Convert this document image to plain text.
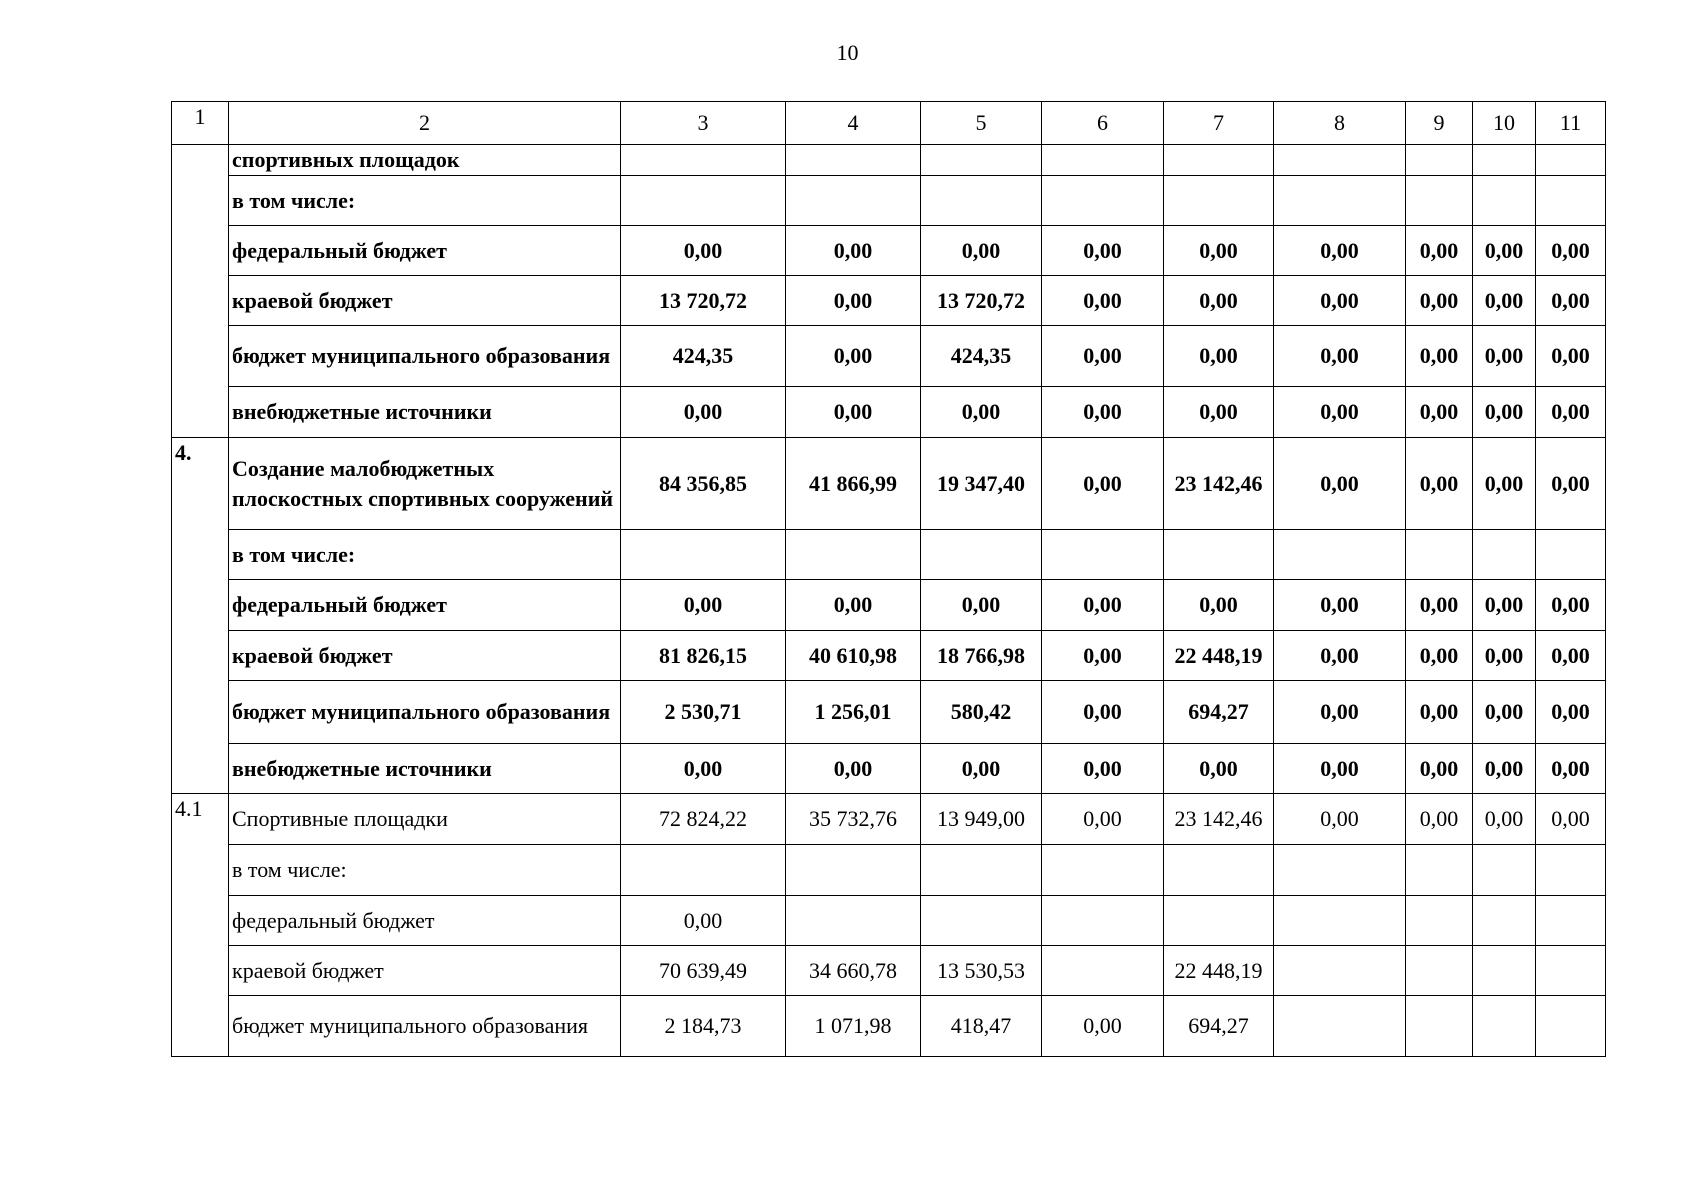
10
1	2	3	4	5	6	7	8	9	10	11
	спортивных площадок									
	в том числе:									
	федеральный бюджет	0,00	0,00	0,00	0,00	0,00	0,00	0,00	0,00	0,00
	краевой бюджет	13 720,72	0,00	13 720,72	0,00	0,00	0,00	0,00	0,00	0,00
	бюджет муниципального образования	424,35	0,00	424,35	0,00	0,00	0,00	0,00	0,00	0,00
	внебюджетные источники	0,00	0,00	0,00	0,00	0,00	0,00	0,00	0,00	0,00
4.	Создание малобюджетных плоскостных спортивных сооружений	84 356,85	41 866,99	19 347,40	0,00	23 142,46	0,00	0,00	0,00	0,00
	в том числе:									
	федеральный бюджет	0,00	0,00	0,00	0,00	0,00	0,00	0,00	0,00	0,00
	краевой бюджет	81 826,15	40 610,98	18 766,98	0,00	22 448,19	0,00	0,00	0,00	0,00
	бюджет муниципального образования	2 530,71	1 256,01	580,42	0,00	694,27	0,00	0,00	0,00	0,00
	внебюджетные источники	0,00	0,00	0,00	0,00	0,00	0,00	0,00	0,00	0,00
4.1	Спортивные площадки	72 824,22	35 732,76	13 949,00	0,00	23 142,46	0,00	0,00	0,00	0,00
	в том числе:									
	федеральный бюджет	0,00								
	краевой бюджет	70 639,49	34 660,78	13 530,53		22 448,19				
	бюджет муниципального образования	2 184,73	1 071,98	418,47	0,00	694,27				
